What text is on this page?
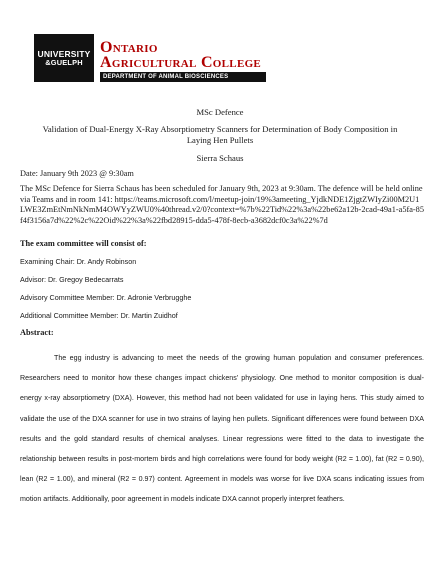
UNIVERSITY
&GUELPH
Ontario
Agricultural College
DEPARTMENT OF ANIMAL BIOSCIENCES
MSc Defence
Validation of Dual-Energy X-Ray Absorptiometry Scanners for Determination of Body Composition in Laying Hen Pullets
Sierra Schaus
Date: January 9th 2023 @ 9:30am
The MSc Defence for Sierra Schaus has been scheduled for January 9th, 2023 at 9:30am. The defence will be held online via Teams and in room 141: https://teams.microsoft.com/l/meetup-join/19%3ameeting_YjdkNDE1ZjgtZWIyZi00M2U1LWE3ZmEtNmNkNmM4OWYyZWU0%40thread.v2/0?context=%7b%22Tid%22%3a%22be62a12b-2cad-49a1-a5fa-85f4f3156a7d%22%2c%22Oid%22%3a%22fbd28915-dda5-478f-8ecb-a3682dcf0c3a%22%7d
The exam committee will consist of:
Examining Chair: Dr. Andy Robinson
Advisor: Dr. Gregoy Bedecarrats
Advisory Committee Member: Dr. Adronie Verbrugghe
Additional Committee Member: Dr. Martin Zuidhof
Abstract:
The egg industry is advancing to meet the needs of the growing human population and consumer preferences. Researchers need to monitor how these changes impact chickens’ physiology. One method to monitor composition is dual-energy x-ray absorptiometry (DXA). However, this method had not been validated for use in laying hens. This study aimed to validate the use of the DXA scanner for use in two strains of laying hen pullets. Significant differences were found between DXA results and the gold standard results of chemical analyses. Linear regressions were fitted to the data to investigate the relationship between results in post-mortem birds and high correlations were found for body weight (R2 = 1.00), fat (R2 = 0.90), lean (R2 = 1.00), and mineral (R2 = 0.97) content. Agreement in models was worse for live DXA scans indicating issues from motion artifacts. Additionally, poor agreement in models indicate DXA cannot properly interpret feathers.
